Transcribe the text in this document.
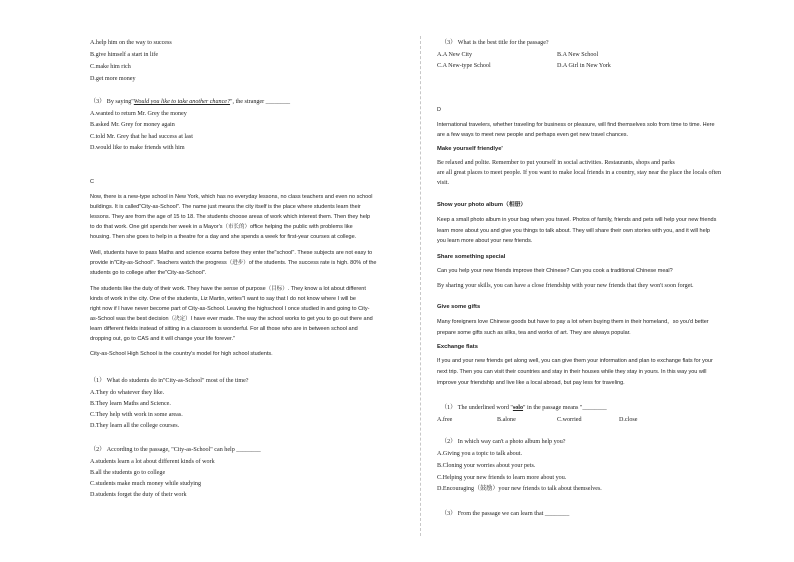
A.help him on the way to success
B.give himself a start in life
C.make him rich
D.get more money
（3） By saying"Would you like to take another chance?", the stranger ________
A.wanted to return Mr. Grey the money
B.asked Mr. Grey for money again
C.told Mr. Grey that he had success at last
D.would like to make friends with him
C
Now, there is a new-type school in New York, which has no everyday lessons, no class teachers and even no school
buildings. It is called"City-as-School". The name just means the city itself is the place where students learn their
lessons. They are from the age of 15 to 18. The students choose areas of work which interest them. Then they help
to do that work. One girl spends her week in a Mayor's（市长的）office helping the public with problems like
housing. Then she goes to help in a theatre for a day and she spends a week for first-year courses at college.
Well, students have to pass Maths and science exams before they enter the"school". These subjects are not easy to
provide in"City-as-School". Teachers watch the progress（进步）of the students. The success rate is high. 80% of the
students go to college after the"City-as-School".
The students like the duty of their work. They have the sense of purpose（目标）. They know a lot about different
kinds of work in the city. One of the students, Liz Martin, writes"I want to say that I do not know where I will be
right now if I have never become part of City-as-School. Leaving the highschool I once studied in and going to City-
as-School was the best decision（决定）I have ever made. The way the school works to get you to go out there and
learn different fields instead of sitting in a classroom is wonderful. For all those who are in between school and
dropping out, go to CAS and it will change your life forever."
City-as-School High School is the country's model for high school students.
（1） What do students do in"City-as-School" most of the time?
A.They do whatever they like.
B.They learn Maths and Science.
C.They help with work in some areas.
D.They learn all the college courses.
（2） According to the passage, "City-as-School" can help ________
A.students learn a lot about different kinds of work
B.all the students go to college
C.students make much money while studying
D.students forget the duty of their work
（3） What is the best title for the passage?
A.A New City	B.A New School
C.A New-type School	D.A Girl in New York
D
International travelers, whether traveling for business or pleasure, will find themselves solo from time to time. Here
are a few ways to meet new people and perhaps even get new travel chances.
Make yourself friendlye'
Be relaxed and polite. Remember to put yourself in social activities. Restaurants, shops and parks
are all great places to meet people. If you want to make local friends in a country, stay near the place the locals often
visit.
Show your photo album（相册）
Keep a small photo album in your bag when you travel. Photos of family, friends and pets will help your new friends
learn more about you and give you things to talk about. They will share their own stories with you, and it will help
you learn more about your new friends.
Share something special
Can you help your new friends improve their Chinese? Can you cook a traditional Chinese meal?
By sharing your skills, you can have a close friendship with your new friends that they won't soon forget.
Give some gifts
Many foreigners love Chinese goods but have to pay a lot when buying them in their homeland，so you'd better
prepare some gifts such as silks, tea and works of art. They are always popular.
Exchange flats
If you and your new friends get along well, you can give them your information and plan to exchange flats for your
next trip. Then you can visit their countries and stay in their houses while they stay in yours. In this way you will
improve your friendship and live like a local abroad, but pay less for traveling.
（1） The underlined word "solo" in the passage means "________
A.free	B.alone	C.worried	D.close
（2） In which way can't a photo album help you?
A.Giving you a topic to talk about.
B.Cloning your worries about your pets.
C.Helping your new friends to learn more about you.
D.Encouraging（鼓励）your new friends to talk about themselves.
（3） From the passage we can learn that ________
